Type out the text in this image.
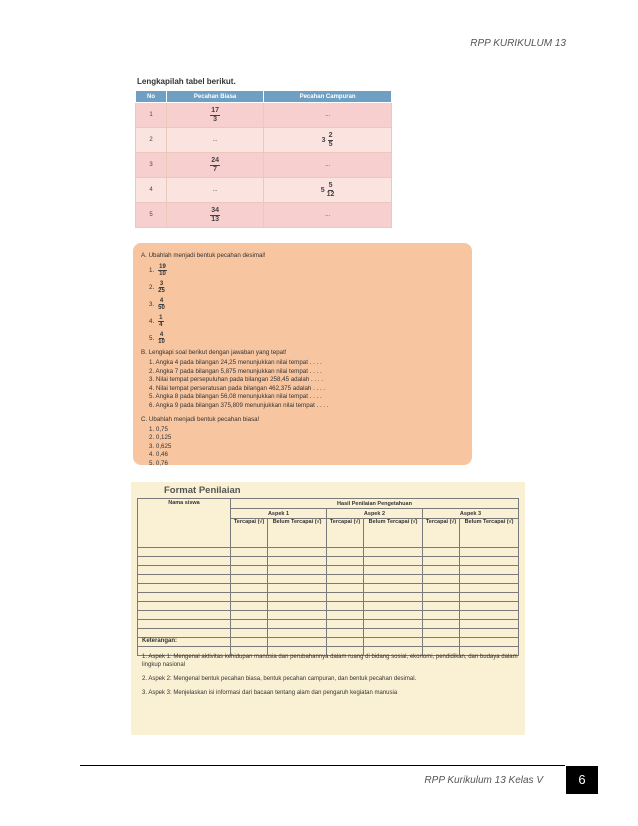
RPP KURIKULUM 13
Lengkapilah tabel berikut.
No	Pecahan Biasa	Pecahan Campuran
1	$\frac{17}{3}$	...
2	...	$3 \frac{2}{5}$

3	$\frac{24}{7}$	...
4	...	$5 \frac{5}{12}$

5	$\frac{34}{13}$	...
A. Ubahlah menjadi bentuk pecahan desimal!
1. $\frac{19}{10}$
2. $\frac{3}{25}$
3. $\frac{4}{50}$
4. $\frac{1}{4}$
5. $\frac{4}{10}$
B. Lengkapi soal berikut dengan jawaban yang tepat!
1. Angka 4 pada bilangan 24,25 menunjukkan nilai tempat . . . .
2. Angka 7 pada bilangan 5,875 menunjukkan nilai tempat . . . .
3. Nilai tempat persepuluhan pada bilangan 258,45 adalah . . . .
4. Nilai tempat perseratusan pada bilangan 462,375 adalah . . . .
5. Angka 8 pada bilangan 56,08 menunjukkan nilai tempat . . . .
6. Angka 9 pada bilangan 375,809 menunjukkan nilai tempat . . . .
C. Ubahlah menjadi bentuk pecahan biasa!
1. 0,75
2. 0,125
3. 0,625
4. 0,46
5. 0,76
Format Penilaian
Nama siswa	Hasil Penilaian Pengetahuan					
	Aspek 1		Aspek 2		Aspek 3	
	Tercapai (√)	Belum Tercapai (√)	Tercapai (√)	Belum Tercapai (√)	Tercapai (√)	Belum Tercapai (√)

Keterangan:

1. Aspek 1: Mengenal aktivitas kehidupan manusia dan perubahannya dalam ruang di bidang sosial, ekonomi, pendidikan, dan budaya dalam lingkup nasional

2. Aspek 2: Mengenal bentuk pecahan biasa, bentuk pecahan campuran, dan bentuk pecahan desimal.

3. Aspek 3: Menjelaskan isi informasi dari bacaan tentang alam dan pengaruh kegiatan manusia

RPP Kurikulum 13 Kelas V	6
